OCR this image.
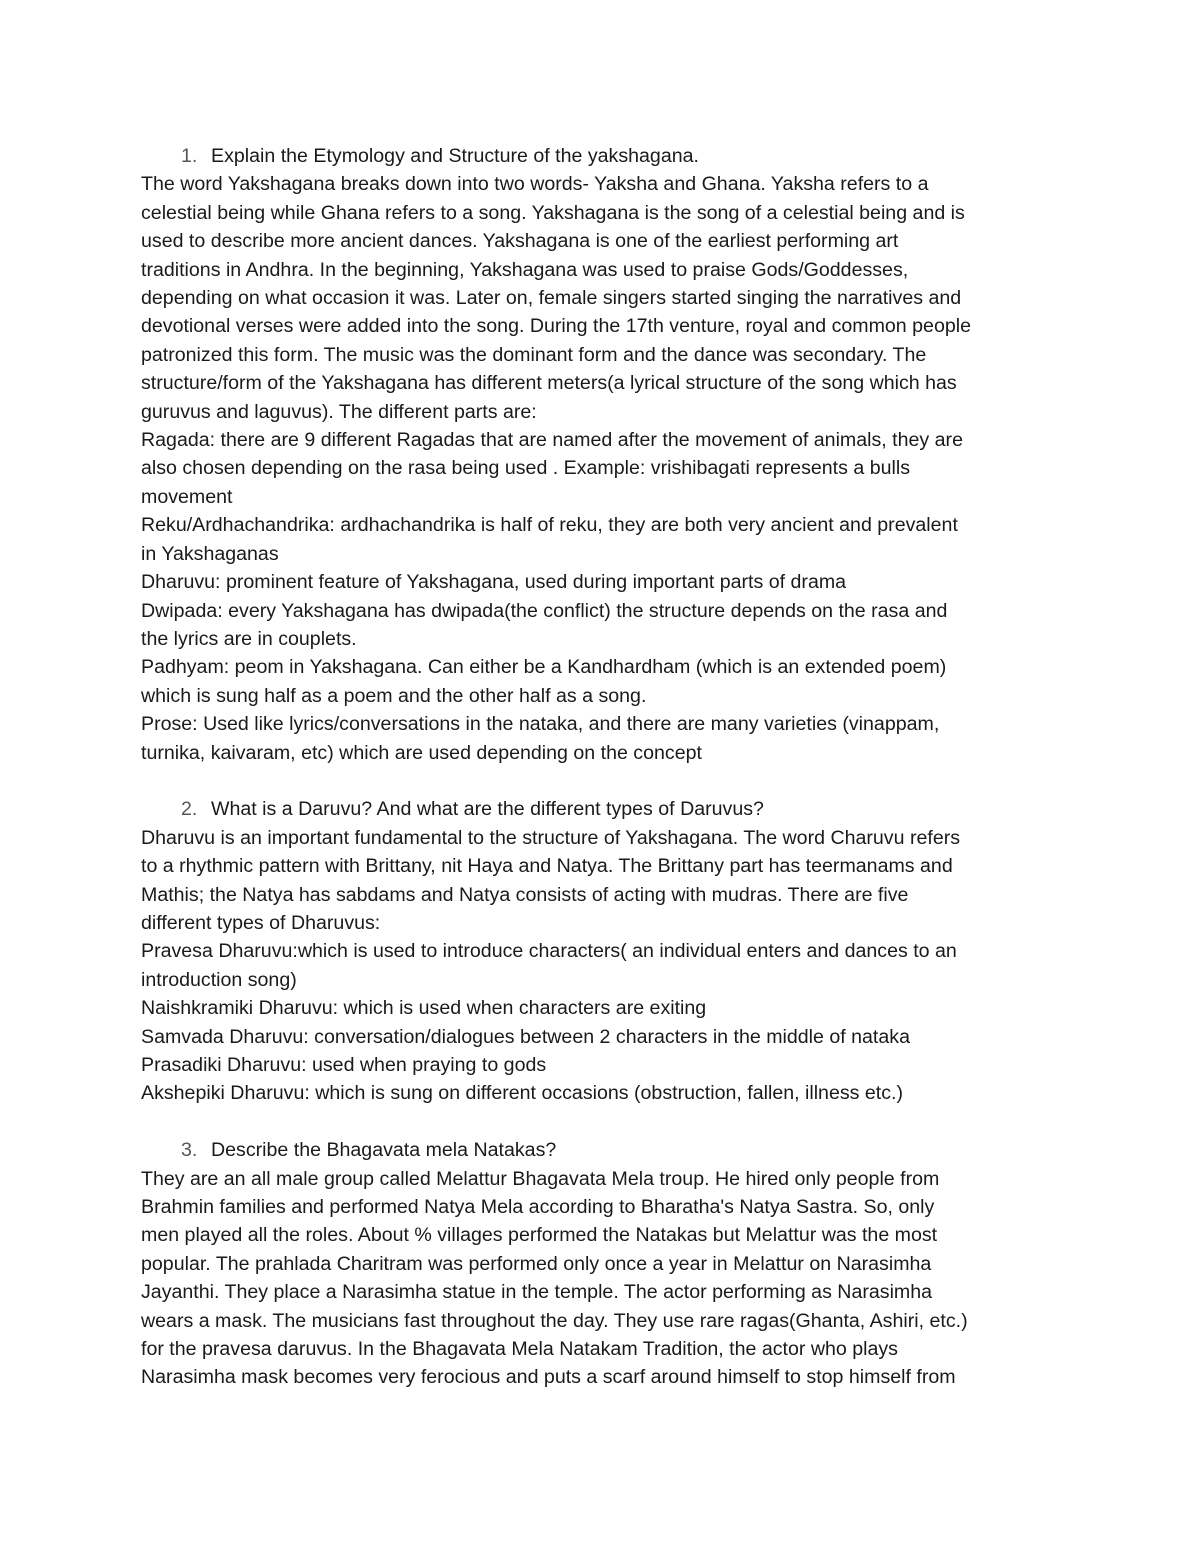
1. Explain the Etymology and Structure of the yakshagana.
The word Yakshagana breaks down into two words- Yaksha and Ghana. Yaksha refers to a
celestial being while Ghana refers to a song. Yakshagana is the song of a celestial being and is
used to describe more ancient dances. Yakshagana is one of the earliest performing art
traditions in Andhra. In the beginning, Yakshagana was used to praise Gods/Goddesses,
depending on what occasion it was. Later on, female singers started singing the narratives and
devotional verses were added into the song. During the 17th venture, royal and common people
patronized this form. The music was the dominant form and the dance was secondary. The
structure/form of the Yakshagana has different meters(a lyrical structure of the song which has
guruvus and laguvus). The different parts are:
Ragada: there are 9 different Ragadas that are named after the movement of animals, they are
also chosen depending on the rasa being used . Example: vrishibagati represents a bulls
movement
Reku/Ardhachandrika: ardhachandrika is half of reku, they are both very ancient and prevalent
in Yakshaganas
Dharuvu: prominent feature of Yakshagana, used during important parts of drama
Dwipada: every Yakshagana has dwipada(the conflict) the structure depends on the rasa and
the lyrics are in couplets.
Padhyam: peom in Yakshagana. Can either be a Kandhardham (which is an extended poem)
which is sung half as a poem and the other half as a song.
Prose: Used like lyrics/conversations in the nataka, and there are many varieties (vinappam,
turnika, kaivaram, etc) which are used depending on the concept
2. What is a Daruvu? And what are the different types of Daruvus?
Dharuvu is an important fundamental to the structure of Yakshagana. The word Charuvu refers
to a rhythmic pattern with Brittany, nit Haya and Natya. The Brittany part has teermanams and
Mathis; the Natya has sabdams and Natya consists of acting with mudras. There are five
different types of Dharuvus:
Pravesa Dharuvu:which is used to introduce characters( an individual enters and dances to an
introduction song)
Naishkramiki Dharuvu: which is used when characters are exiting
Samvada Dharuvu: conversation/dialogues between 2 characters in the middle of nataka
Prasadiki Dharuvu: used when praying to gods
Akshepiki Dharuvu: which is sung on different occasions (obstruction, fallen, illness etc.)
3. Describe the Bhagavata mela Natakas?
They are an all male group called Melattur Bhagavata Mela troup. He hired only people from
Brahmin families and performed Natya Mela according to Bharatha's Natya Sastra. So, only
men played all the roles. About % villages performed the Natakas but Melattur was the most
popular. The prahlada Charitram was performed only once a year in Melattur on Narasimha
Jayanthi. They place a Narasimha statue in the temple. The actor performing as Narasimha
wears a mask. The musicians fast throughout the day. They use rare ragas(Ghanta, Ashiri, etc.)
for the pravesa daruvus. In the Bhagavata Mela Natakam Tradition, the actor who plays
Narasimha mask becomes very ferocious and puts a scarf around himself to stop himself from
